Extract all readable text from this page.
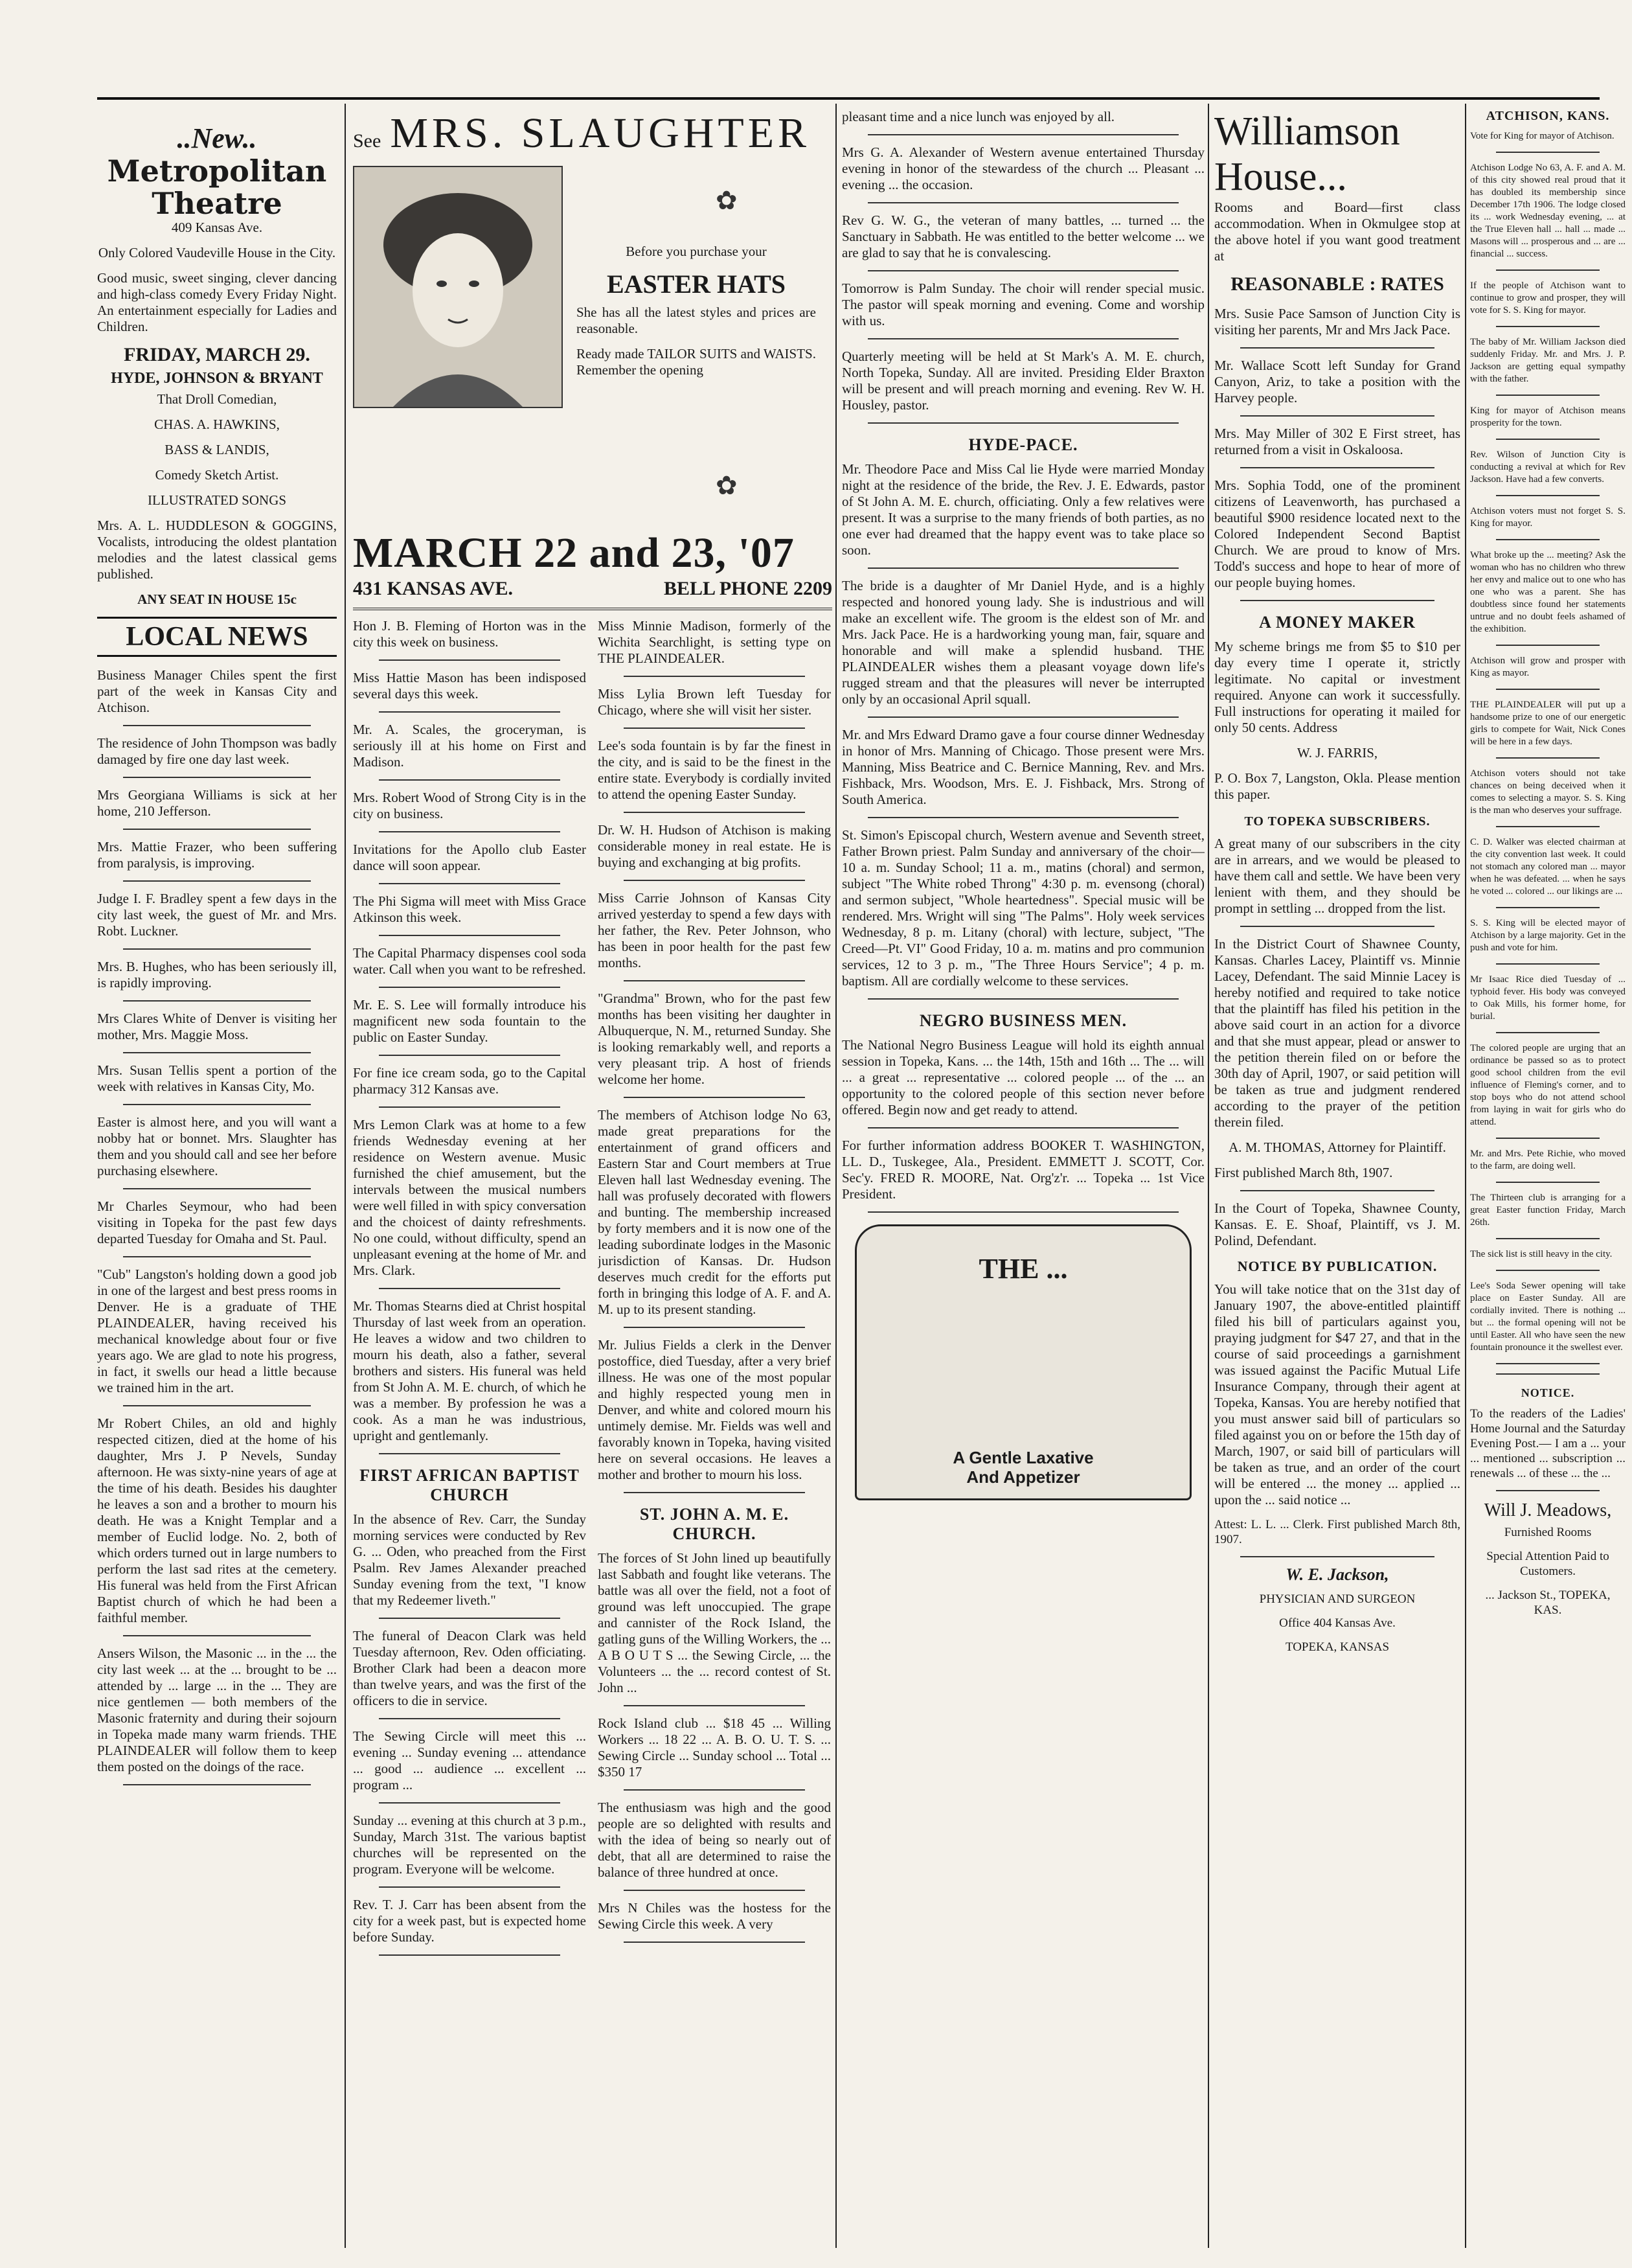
..New..
Metropolitan
Theatre

409 Kansas Ave.

Only Colored Vaudeville House in the City.

Good music, sweet singing, clever dancing and high-class comedy Every Friday Night. An entertainment especially for Ladies and Children.

FRIDAY, MARCH 29.
HYDE, JOHNSON & BRYANT

That Droll Comedian,

CHAS. A. HAWKINS,

BASS & LANDIS,

Comedy Sketch Artist.

ILLUSTRATED SONGS

Mrs. A. L. HUDDLESON & GOGGINS, Vocalists, introducing the oldest plantation melodies and the latest classical gems published.

ANY SEAT IN HOUSE 15c

LOCAL NEWS

Business Manager Chiles spent the first part of the week in Kansas City and Atchison.

The residence of John Thompson was badly damaged by fire one day last week.

Mrs Georgiana Williams is sick at her home, 210 Jefferson.

Mrs. Mattie Frazer, who been suffering from paralysis, is improving.

Judge I. F. Bradley spent a few days in the city last week, the guest of Mr. and Mrs. Robt. Luckner.

Mrs. B. Hughes, who has been seriously ill, is rapidly improving.

Mrs Clares White of Denver is visiting her mother, Mrs. Maggie Moss.

Mrs. Susan Tellis spent a portion of the week with relatives in Kansas City, Mo.

Easter is almost here, and you will want a nobby hat or bonnet. Mrs. Slaughter has them and you should call and see her before purchasing elsewhere.

Mr Charles Seymour, who had been visiting in Topeka for the past few days departed Tuesday for Omaha and St. Paul.

"Cub" Langston's holding down a good job in one of the largest and best press rooms in Denver. He is a graduate of THE PLAINDEALER, having received his mechanical knowledge about four or five years ago. We are glad to note his progress, in fact, it swells our head a little because we trained him in the art.

Mr Robert Chiles, an old and highly respected citizen, died at the home of his daughter, Mrs J. P Nevels, Sunday afternoon. He was sixty-nine years of age at the time of his death. Besides his daughter he leaves a son and a brother to mourn his death. He was a Knight Templar and a member of Euclid lodge. No. 2, both of which orders turned out in large numbers to perform the last sad rites at the cemetery. His funeral was held from the First African Baptist church of which he had been a faithful member.

Ansers Wilson, the Masonic ... in the ... the city last week ... at the ... brought to be ... attended by ... large ... in the ... They are nice gentlemen — both members of the Masonic fraternity and during their sojourn in Topeka made many warm friends. THE PLAINDEALER will follow them to keep them posted on the doings of the race.

See MRS. SLAUGHTER
✿

Before you purchase your

EASTER HATS

She has all the latest styles and prices are reasonable.

Ready made TAILOR SUITS and WAISTS. Remember the opening

✿
MARCH 22 and 23, '07
431 KANSAS AVE.	BELL PHONE 2209

Hon J. B. Fleming of Horton was in the city this week on business.

Miss Hattie Mason has been indisposed several days this week.

Mr. A. Scales, the groceryman, is seriously ill at his home on First and Madison.

Mrs. Robert Wood of Strong City is in the city on business.

Invitations for the Apollo club Easter dance will soon appear.

The Phi Sigma will meet with Miss Grace Atkinson this week.

The Capital Pharmacy dispenses cool soda water. Call when you want to be refreshed.

Mr. E. S. Lee will formally introduce his magnificent new soda fountain to the public on Easter Sunday.

For fine ice cream soda, go to the Capital pharmacy 312 Kansas ave.

Mrs Lemon Clark was at home to a few friends Wednesday evening at her residence on Western avenue. Music furnished the chief amusement, but the intervals between the musical numbers were well filled in with spicy conversation and the choicest of dainty refreshments. No one could, without difficulty, spend an unpleasant evening at the home of Mr. and Mrs. Clark.

Mr. Thomas Stearns died at Christ hospital Thursday of last week from an operation. He leaves a widow and two children to mourn his death, also a father, several brothers and sisters. His funeral was held from St John A. M. E. church, of which he was a member. By profession he was a cook. As a man he was industrious, upright and gentlemanly.

FIRST AFRICAN BAPTIST CHURCH

In the absence of Rev. Carr, the Sunday morning services were conducted by Rev G. ... Oden, who preached from the First Psalm. Rev James Alexander preached Sunday evening from the text, "I know that my Redeemer liveth."

The funeral of Deacon Clark was held Tuesday afternoon, Rev. Oden officiating. Brother Clark had been a deacon more than twelve years, and was the first of the officers to die in service.

The Sewing Circle will meet this ... evening ... Sunday evening ... attendance ... good ... audience ... excellent ... program ...

Sunday ... evening at this church at 3 p.m., Sunday, March 31st. The various baptist churches will be represented on the program. Everyone will be welcome.

Rev. T. J. Carr has been absent from the city for a week past, but is expected home before Sunday.

Miss Minnie Madison, formerly of the Wichita Searchlight, is setting type on THE PLAINDEALER.

Miss Lylia Brown left Tuesday for Chicago, where she will visit her sister.

Lee's soda fountain is by far the finest in the city, and is said to be the finest in the entire state. Everybody is cordially invited to attend the opening Easter Sunday.

Dr. W. H. Hudson of Atchison is making considerable money in real estate. He is buying and exchanging at big profits.

Miss Carrie Johnson of Kansas City arrived yesterday to spend a few days with her father, the Rev. Peter Johnson, who has been in poor health for the past few months.

"Grandma" Brown, who for the past few months has been visiting her daughter in Albuquerque, N. M., returned Sunday. She is looking remarkably well, and reports a very pleasant trip. A host of friends welcome her home.

The members of Atchison lodge No 63, made great preparations for the entertainment of grand officers and Eastern Star and Court members at True Eleven hall last Wednesday evening. The hall was profusely decorated with flowers and bunting. The membership increased by forty members and it is now one of the leading subordinate lodges in the Masonic jurisdiction of Kansas. Dr. Hudson deserves much credit for the efforts put forth in bringing this lodge of A. F. and A. M. up to its present standing.

Mr. Julius Fields a clerk in the Denver postoffice, died Tuesday, after a very brief illness. He was one of the most popular and highly respected young men in Denver, and white and colored mourn his untimely demise. Mr. Fields was well and favorably known in Topeka, having visited here on several occasions. He leaves a mother and brother to mourn his loss.

ST. JOHN A. M. E. CHURCH.

The forces of St John lined up beautifully last Sabbath and fought like veterans. The battle was all over the field, not a foot of ground was left unoccupied. The grape and cannister of the Rock Island, the gatling guns of the Willing Workers, the ... A B O U T S ... the Sewing Circle, ... the Volunteers ... the ... record contest of St. John ...

Rock Island club ... $18 45 ... Willing Workers ... 18 22 ... A. B. O. U. T. S. ... Sewing Circle ... Sunday school ... Total ... $350 17

The enthusiasm was high and the good people are so delighted with results and with the idea of being so nearly out of debt, that all are determined to raise the balance of three hundred at once.

Mrs N Chiles was the hostess for the Sewing Circle this week. A very

pleasant time and a nice lunch was enjoyed by all.

Mrs G. A. Alexander of Western avenue entertained Thursday evening in honor of the stewardess of the church ... Pleasant ... evening ... the occasion.

Rev G. W. G., the veteran of many battles, ... turned ... the Sanctuary in Sabbath. He was entitled to the better welcome ... we are glad to say that he is convalescing.

Tomorrow is Palm Sunday. The choir will render special music. The pastor will speak morning and evening. Come and worship with us.

Quarterly meeting will be held at St Mark's A. M. E. church, North Topeka, Sunday. All are invited. Presiding Elder Braxton will be present and will preach morning and evening. Rev W. H. Housley, pastor.

HYDE-PACE.

Mr. Theodore Pace and Miss Cal lie Hyde were married Monday night at the residence of the bride, the Rev. J. E. Edwards, pastor of St John A. M. E. church, officiating. Only a few relatives were present. It was a surprise to the many friends of both parties, as no one ever had dreamed that the happy event was to take place so soon.

The bride is a daughter of Mr Daniel Hyde, and is a highly respected and honored young lady. She is industrious and will make an excellent wife. The groom is the eldest son of Mr. and Mrs. Jack Pace. He is a hardworking young man, fair, square and honorable and will make a splendid husband. THE PLAINDEALER wishes them a pleasant voyage down life's rugged stream and that the pleasures will never be interrupted only by an occasional April squall.

Mr. and Mrs Edward Dramo gave a four course dinner Wednesday in honor of Mrs. Manning of Chicago. Those present were Mrs. Manning, Miss Beatrice and C. Bernice Manning, Rev. and Mrs. Fishback, Mrs. Woodson, Mrs. E. J. Fishback, Mrs. Strong of South America.

St. Simon's Episcopal church, Western avenue and Seventh street, Father Brown priest. Palm Sunday and anniversary of the choir—10 a. m. Sunday School; 11 a. m., matins (choral) and sermon, subject "The White robed Throng" 4:30 p. m. evensong (choral) and sermon subject, "Whole heartedness". Special music will be rendered. Mrs. Wright will sing "The Palms". Holy week services Wednesday, 8 p. m. Litany (choral) with lecture, subject, "The Creed—Pt. VI" Good Friday, 10 a. m. matins and pro communion services, 12 to 3 p. m., "The Three Hours Service"; 4 p. m. baptism. All are cordially welcome to these services.

NEGRO BUSINESS MEN.

The National Negro Business League will hold its eighth annual session in Topeka, Kans. ... the 14th, 15th and 16th ... The ... will ... a great ... representative ... colored people ... of the ... an opportunity to the colored people of this section never before offered. Begin now and get ready to attend.

For further information address BOOKER T. WASHINGTON, LL. D., Tuskegee, Ala., President. EMMETT J. SCOTT, Cor. Sec'y. FRED R. MOORE, Nat. Org'z'r. ... Topeka ... 1st Vice President.

THE ...
A Gentle Laxative
And Appetizer
Williamson
House...

Rooms and Board—first class accommodation. When in Okmulgee stop at the above hotel if you want good treatment at

REASONABLE : RATES

Mrs. Susie Pace Samson of Junction City is visiting her parents, Mr and Mrs Jack Pace.

Mr. Wallace Scott left Sunday for Grand Canyon, Ariz, to take a position with the Harvey people.

Mrs. May Miller of 302 E First street, has returned from a visit in Oskaloosa.

Mrs. Sophia Todd, one of the prominent citizens of Leavenworth, has purchased a beautiful $900 residence located next to the Colored Independent Second Baptist Church. We are proud to know of Mrs. Todd's success and hope to hear of more of our people buying homes.

A MONEY MAKER

My scheme brings me from $5 to $10 per day every time I operate it, strictly legitimate. No capital or investment required. Anyone can work it successfully. Full instructions for operating it mailed for only 50 cents. Address

W. J. FARRIS,

P. O. Box 7, Langston, Okla. Please mention this paper.

TO TOPEKA SUBSCRIBERS.

A great many of our subscribers in the city are in arrears, and we would be pleased to have them call and settle. We have been very lenient with them, and they should be prompt in settling ... dropped from the list.

In the District Court of Shawnee County, Kansas. Charles Lacey, Plaintiff vs. Minnie Lacey, Defendant. The said Minnie Lacey is hereby notified and required to take notice that the plaintiff has filed his petition in the above said court in an action for a divorce and that she must appear, plead or answer to the petition therein filed on or before the 30th day of April, 1907, or said petition will be taken as true and judgment rendered according to the prayer of the petition therein filed.

A. M. THOMAS, Attorney for Plaintiff.

First published March 8th, 1907.

In the Court of Topeka, Shawnee County, Kansas. E. E. Shoaf, Plaintiff, vs J. M. Polind, Defendant.

NOTICE BY PUBLICATION.

You will take notice that on the 31st day of January 1907, the above-entitled plaintiff filed his bill of particulars against you, praying judgment for $47 27, and that in the course of said proceedings a garnishment was issued against the Pacific Mutual Life Insurance Company, through their agent at Topeka, Kansas. You are hereby notified that you must answer said bill of particulars so filed against you on or before the 15th day of March, 1907, or said bill of particulars will be taken as true, and an order of the court will be entered ... the money ... applied ... upon the ... said notice ...

Attest: L. L. ... Clerk. First published March 8th, 1907.

W. E. Jackson,

PHYSICIAN AND SURGEON

Office 404 Kansas Ave.

TOPEKA, KANSAS

ATCHISON, KANS.

Vote for King for mayor of Atchison.

Atchison Lodge No 63, A. F. and A. M. of this city showed real proud that it has doubled its membership since December 17th 1906. The lodge closed its ... work Wednesday evening, ... at the True Eleven hall ... hall ... made ... Masons will ... prosperous and ... are ... financial ... success.

If the people of Atchison want to continue to grow and prosper, they will vote for S. S. King for mayor.

The baby of Mr. William Jackson died suddenly Friday. Mr. and Mrs. J. P. Jackson are getting equal sympathy with the father.

King for mayor of Atchison means prosperity for the town.

Rev. Wilson of Junction City is conducting a revival at which for Rev Jackson. Have had a few converts.

Atchison voters must not forget S. S. King for mayor.

What broke up the ... meeting? Ask the woman who has no children who threw her envy and malice out to one who has one who was a parent. She has doubtless since found her statements untrue and no doubt feels ashamed of the exhibition.

Atchison will grow and prosper with King as mayor.

THE PLAINDEALER will put up a handsome prize to one of our energetic girls to compete for Wait, Nick Cones will be here in a few days.

Atchison voters should not take chances on being deceived when it comes to selecting a mayor. S. S. King is the man who deserves your suffrage.

C. D. Walker was elected chairman at the city convention last week. It could not stomach any colored man ... mayor when he was defeated. ... when he says he voted ... colored ... our likings are ...

S. S. King will be elected mayor of Atchison by a large majority. Get in the push and vote for him.

Mr Isaac Rice died Tuesday of ... typhoid fever. His body was conveyed to Oak Mills, his former home, for burial.

The colored people are urging that an ordinance be passed so as to protect good school children from the evil influence of Fleming's corner, and to stop boys who do not attend school from laying in wait for girls who do attend.

Mr. and Mrs. Pete Richie, who moved to the farm, are doing well.

The Thirteen club is arranging for a great Easter function Friday, March 26th.

The sick list is still heavy in the city.

Lee's Soda Sewer opening will take place on Easter Sunday. All are cordially invited. There is nothing ... but ... the formal opening will not be until Easter. All who have seen the new fountain pronounce it the swellest ever.

NOTICE.

To the readers of the Ladies' Home Journal and the Saturday Evening Post.— I am a ... your ... mentioned ... subscription ... renewals ... of these ... the ...

Will J. Meadows,

Furnished Rooms

Special Attention Paid to Customers.

... Jackson St., TOPEKA, KAS.
